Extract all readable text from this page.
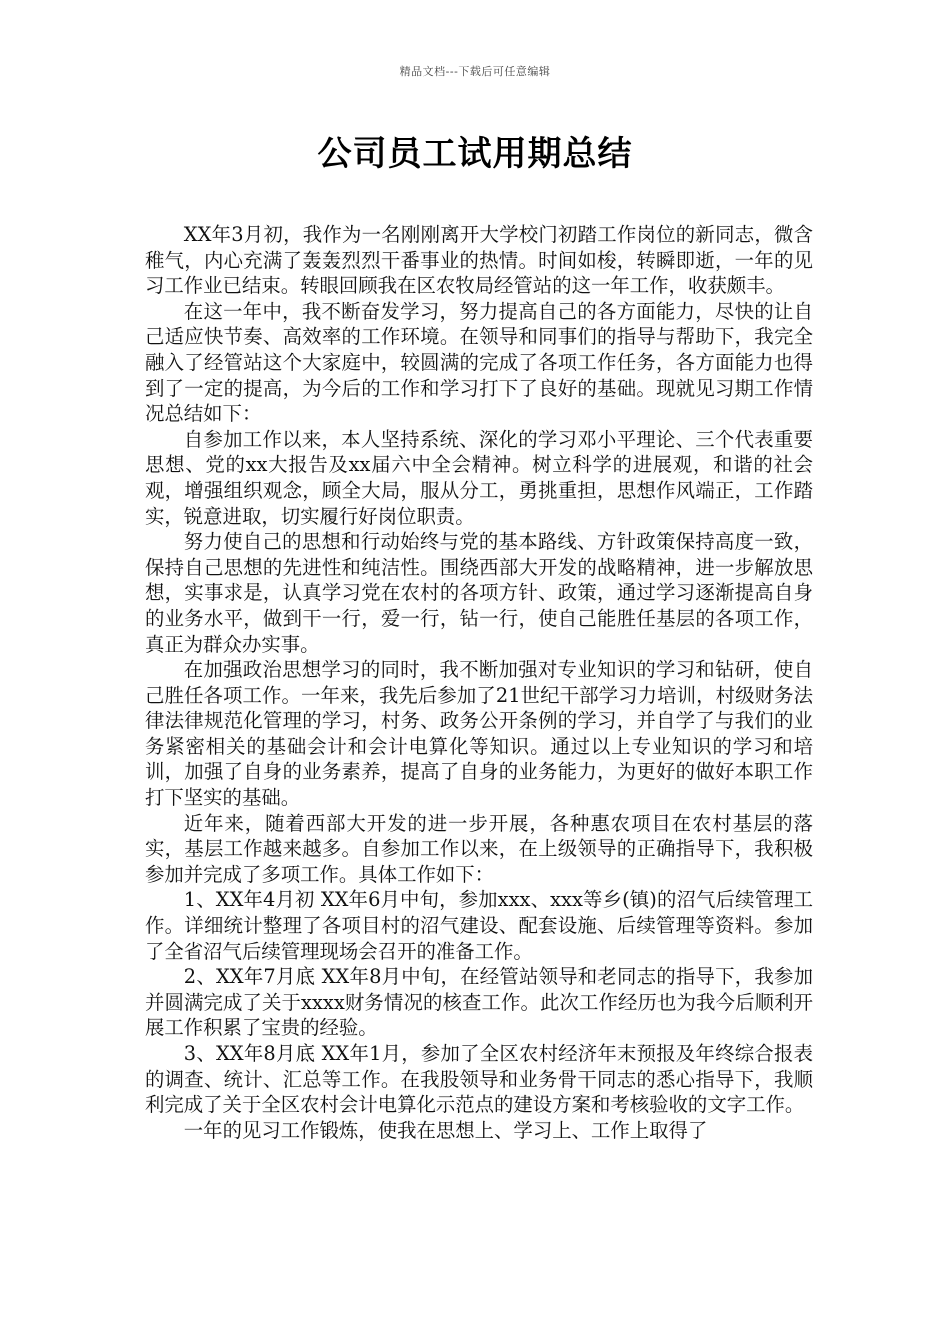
精品文档---下载后可任意编辑
公司员工试用期总结

XX年3月初，我作为一名刚刚离开大学校门初踏工作岗位的新同志，微含稚气，内心充满了轰轰烈烈干番事业的热情。时间如梭，转瞬即逝，一年的见习工作业已结束。转眼回顾我在区农牧局经管站的这一年工作，收获颇丰。

在这一年中，我不断奋发学习，努力提高自己的各方面能力，尽快的让自己适应快节奏、高效率的工作环境。在领导和同事们的指导与帮助下，我完全融入了经管站这个大家庭中，较圆满的完成了各项工作任务，各方面能力也得到了一定的提高，为今后的工作和学习打下了良好的基础。现就见习期工作情况总结如下：

自参加工作以来，本人坚持系统、深化的学习邓小平理论、三个代表重要思想、党的xx大报告及xx届六中全会精神。树立科学的进展观，和谐的社会观，增强组织观念，顾全大局，服从分工，勇挑重担，思想作风端正，工作踏实，锐意进取，切实履行好岗位职责。

努力使自己的思想和行动始终与党的基本路线、方针政策保持高度一致，保持自己思想的先进性和纯洁性。围绕西部大开发的战略精神，进一步解放思想，实事求是，认真学习党在农村的各项方针、政策，通过学习逐渐提高自身的业务水平，做到干一行，爱一行，钻一行，使自己能胜任基层的各项工作，真正为群众办实事。

在加强政治思想学习的同时，我不断加强对专业知识的学习和钻研，使自己胜任各项工作。一年来，我先后参加了21世纪干部学习力培训，村级财务法律法律规范化管理的学习，村务、政务公开条例的学习，并自学了与我们的业务紧密相关的基础会计和会计电算化等知识。通过以上专业知识的学习和培训，加强了自身的业务素养，提高了自身的业务能力，为更好的做好本职工作打下坚实的基础。

近年来，随着西部大开发的进一步开展，各种惠农项目在农村基层的落实，基层工作越来越多。自参加工作以来，在上级领导的正确指导下，我积极参加并完成了多项工作。具体工作如下：

1、XX年4月初 XX年6月中旬，参加xxx、xxx等乡(镇)的沼气后续管理工作。详细统计整理了各项目村的沼气建设、配套设施、后续管理等资料。参加了全省沼气后续管理现场会召开的准备工作。

2、XX年7月底 XX年8月中旬，在经管站领导和老同志的指导下，我参加并圆满完成了关于xxxx财务情况的核查工作。此次工作经历也为我今后顺利开展工作积累了宝贵的经验。

3、XX年8月底 XX年1月，参加了全区农村经济年末预报及年终综合报表的调查、统计、汇总等工作。在我股领导和业务骨干同志的悉心指导下，我顺利完成了关于全区农村会计电算化示范点的建设方案和考核验收的文字工作。

一年的见习工作锻炼，使我在思想上、学习上、工作上取得了
